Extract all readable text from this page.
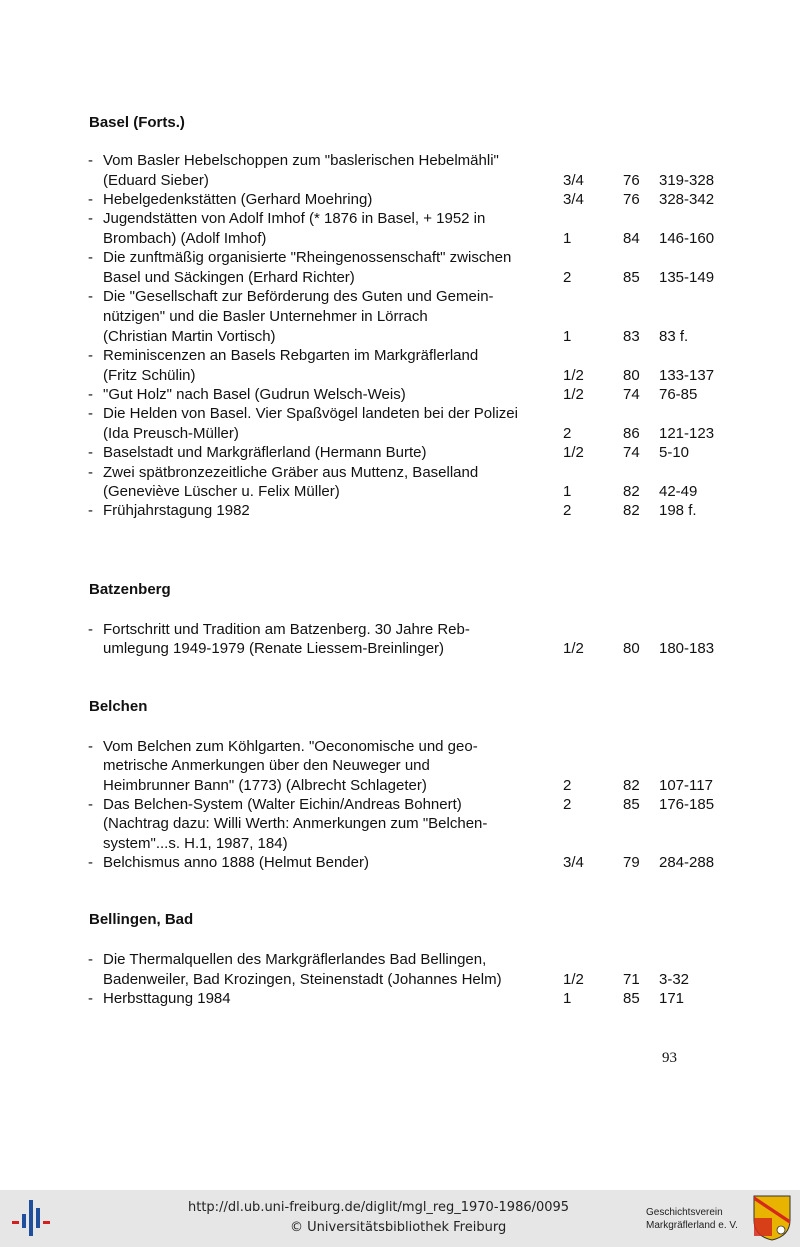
Basel (Forts.)
- Vom Basler Hebelschoppen zum "baslerischen Hebelmähli"
(Eduard Sieber)	3/4	76 319-328
- Hebelgedenkstätten (Gerhard Moehring)	3/4	76 328-342
- Jugendstätten von Adolf Imhof (* 1876 in Basel, + 1952 in
Brombach) (Adolf Imhof)	1	84 146-160
- Die zunftmäßig organisierte "Rheingenossenschaft" zwischen
Basel und Säckingen (Erhard Richter)	2	85 135-149
- Die "Gesellschaft zur Beförderung des Guten und Gemein-
nützigen" und die Basler Unternehmer in Lörrach
(Christian Martin Vortisch)	1	83 83 f.
- Reminiscenzen an Basels Rebgarten im Markgräflerland
(Fritz Schülin)	1/2	80 133-137
- "Gut Holz" nach Basel (Gudrun Welsch-Weis)	1/2	74 76-85
- Die Helden von Basel. Vier Spaßvögel landeten bei der Polizei
(Ida Preusch-Müller)	2	86 121-123
- Baselstadt und Markgräflerland (Hermann Burte)	1/2	74 5-10
- Zwei spätbronzezeitliche Gräber aus Muttenz, Baselland
(Geneviève Lüscher u. Felix Müller)	1	82 42-49
- Frühjahrstagung 1982	2	82 198 f.
Batzenberg
- Fortschritt und Tradition am Batzenberg. 30 Jahre Reb-
umlegung 1949-1979 (Renate Liessem-Breinlinger)	1/2	80 180-183
Belchen
- Vom Belchen zum Köhlgarten. "Oeconomische und geo-
metrische Anmerkungen über den Neuweger und
Heimbrunner Bann" (1773) (Albrecht Schlageter)	2	82 107-117
- Das Belchen-System (Walter Eichin/Andreas Bohnert)	2	85 176-185
(Nachtrag dazu: Willi Werth: Anmerkungen zum "Belchen-
system"...s. H.1, 1987, 184)
- Belchismus anno 1888 (Helmut Bender)	3/4	79 284-288
Bellingen, Bad
- Die Thermalquellen des Markgräflerlandes Bad Bellingen,
Badenweiler, Bad Krozingen, Steinenstadt (Johannes Helm)	1/2	71 3-32
- Herbsttagung 1984	1	85 171
93
http://dl.ub.uni-freiburg.de/diglit/mgl_reg_1970-1986/0095
© Universitätsbibliothek Freiburg
Geschichtsverein
Markgräflerland e. V.
